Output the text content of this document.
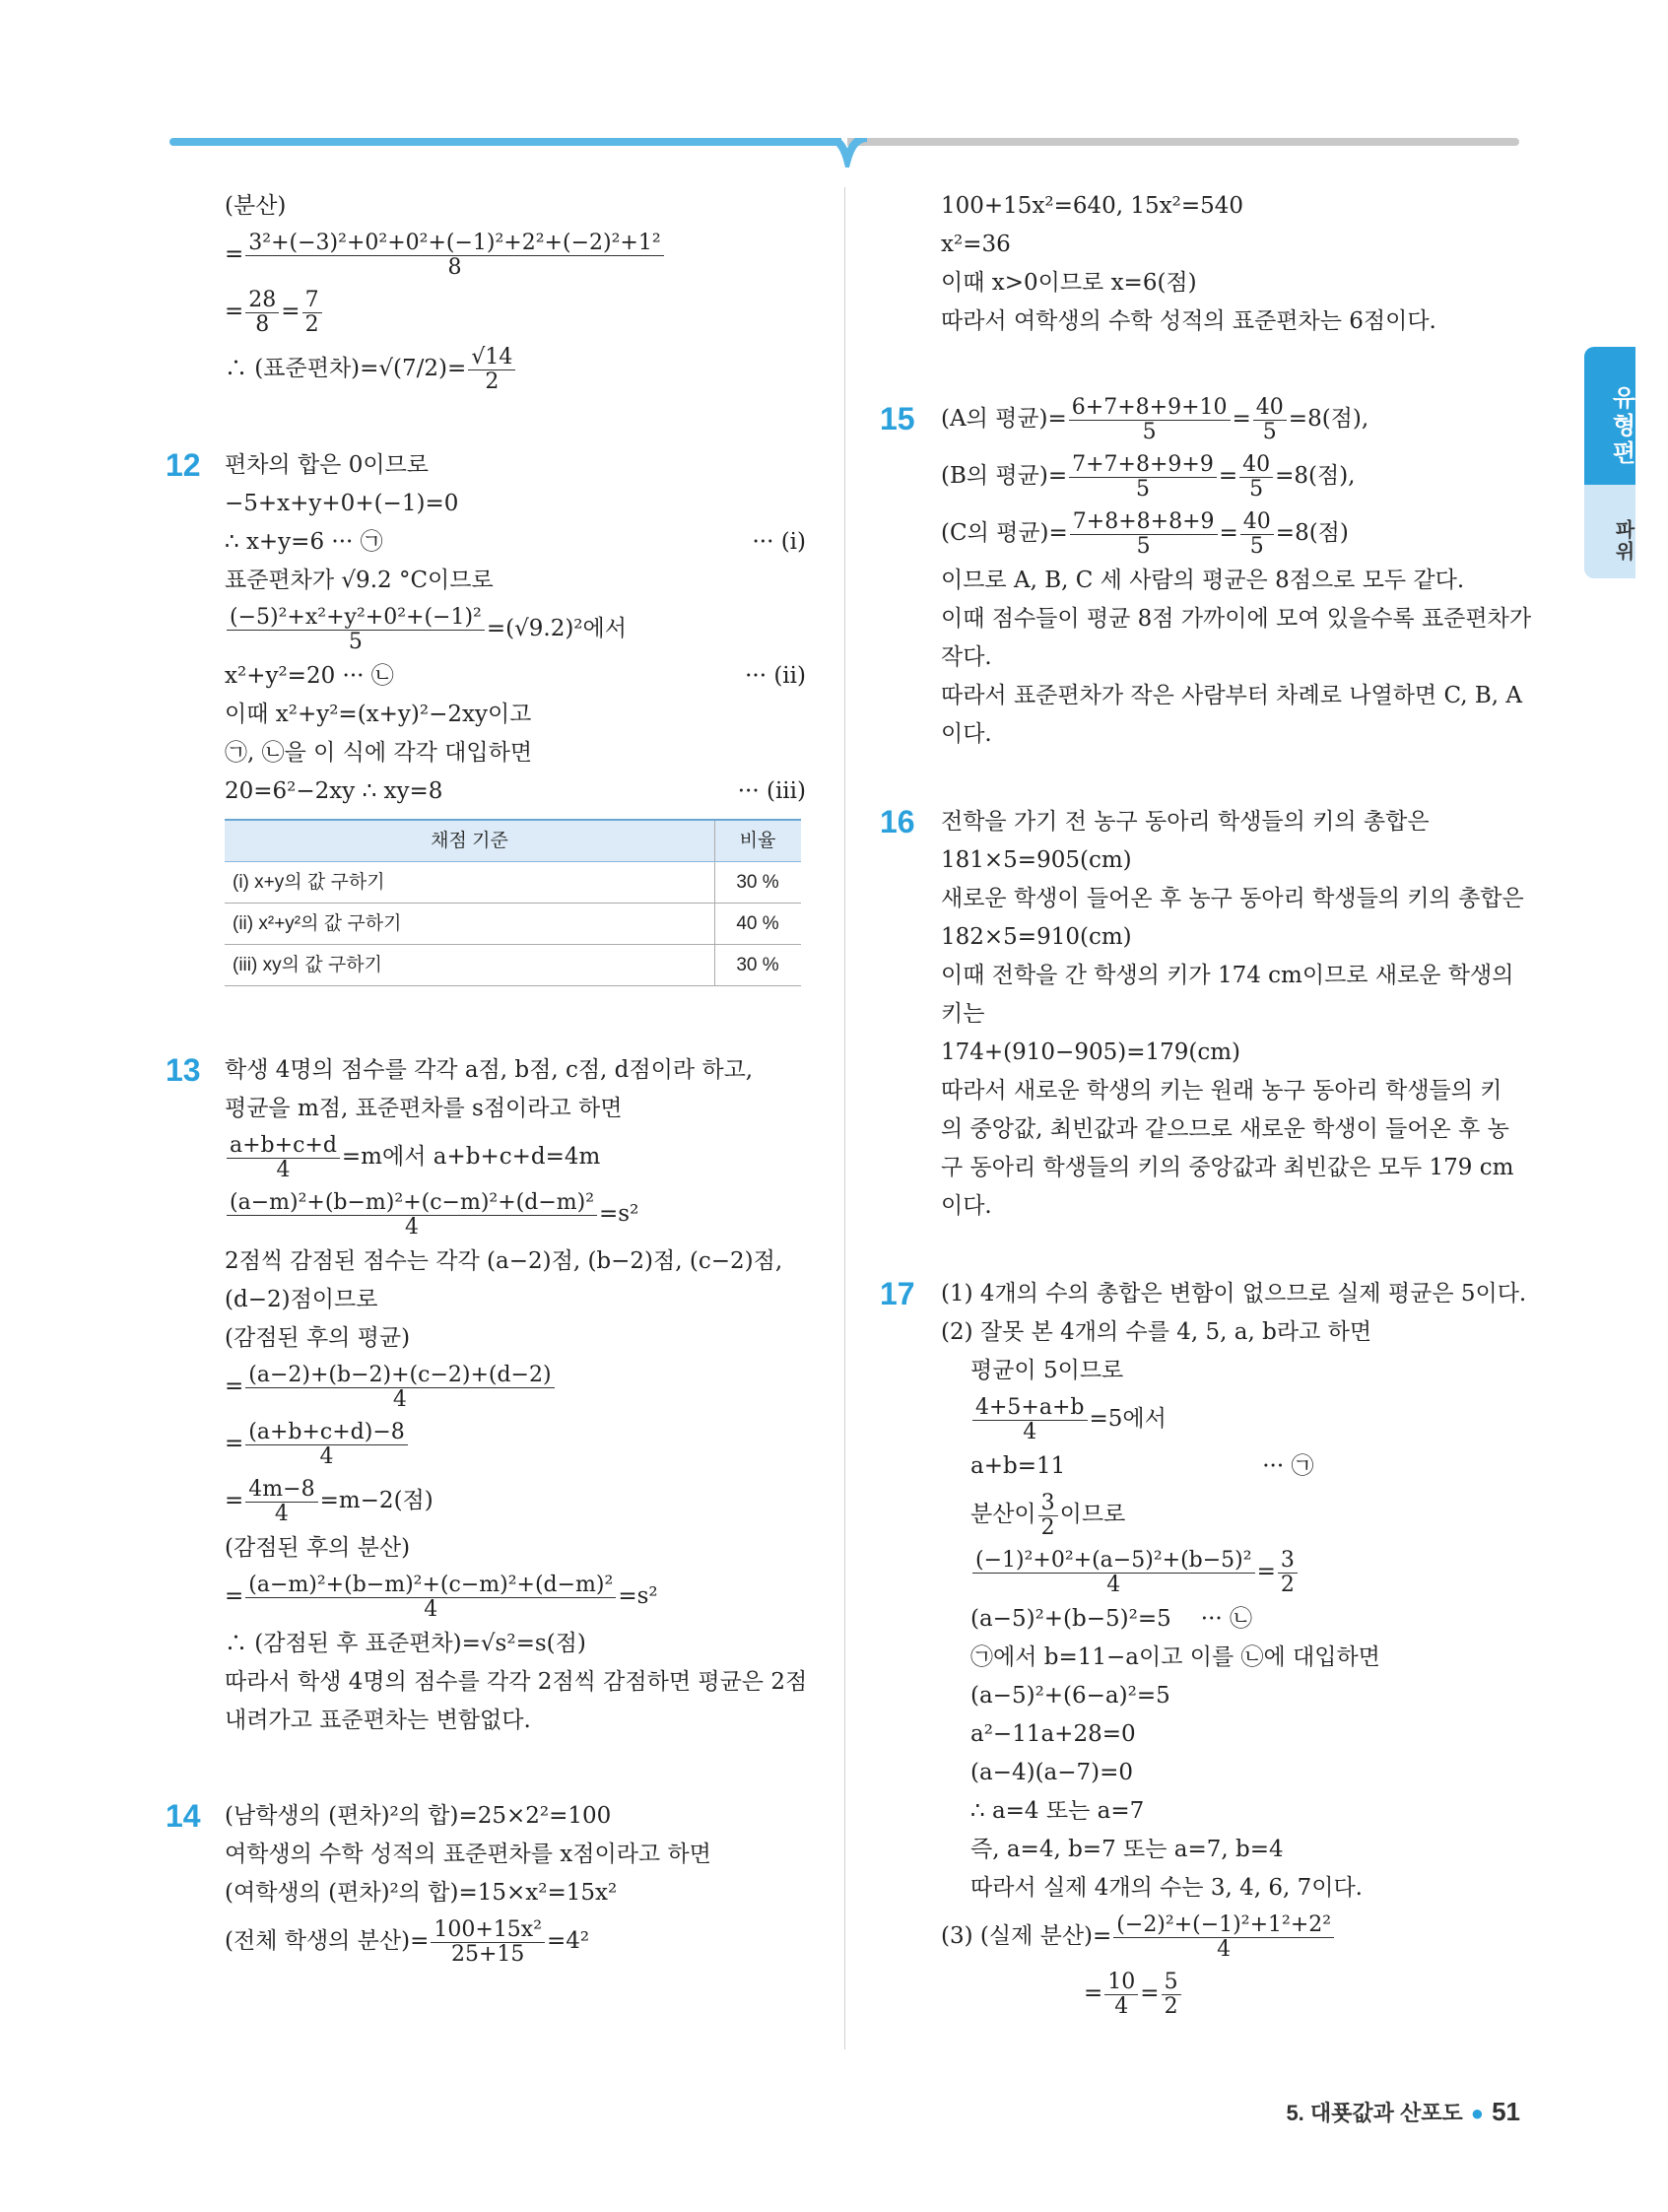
유형편
파위
(분산)
= $\frac{\text{3²+(−3)²+0²+0²+(−1)²+2²+(−2)²+1²}}{8}$
= $\frac{28}{8} = \frac{7}{2}$
∴ (표준편차)$=√(7/2)= \frac{√14}{2}$
12 편차의 합은 0이므로
−5+x+y+0+(−1)=0
∴ x+y=6 ··· ㉠	··· (i)
표준편차가 √9.2 °C이므로
$\frac{\text{(−5)²+x²+y²+0²+(−1)²}}{5} =(√9.2)^2$에서
x²+y²=20 ··· ㉡	··· (ii)
이때 x²+y²=(x+y)²−2xy이고
㉠, ㉡을 이 식에 각각 대입하면
20=6²−2xy ∴ xy=8	··· (iii)
채점 기준	비율
(i) x+y의 값 구하기	30 %
(ii) x²+y²의 값 구하기	40 %
(iii) xy의 값 구하기	30 %
13 학생 4명의 점수를 각각 a점, b점, c점, d점이라 하고,
평균을 m점, 표준편차를 s점이라고 하면
$\frac{a+b+c+d}{4} =m$에서 a+b+c+d=4m
$\frac{\text{(a−m)²+(b−m)²+(c−m)²+(d−m)²}}{4} =s^2$
2점씩 감점된 점수는 각각 (a−2)점, (b−2)점, (c−2)점,
(d−2)점이므로
(감점된 후의 평균)
= $\frac{(a-2)+(b-2)+(c-2)+(d-2)}{4}$
= $\frac{(a+b+c+d)-8}{4}$
= $\frac{4m-8}{4} =m-2$(점)
(감점된 후의 분산)
= $\frac{\text{(a−m)²+(b−m)²+(c−m)²+(d−m)²}}{4} =s^2$
∴ (감점된 후 표준편차)=√s²=s(점)
따라서 학생 4명의 점수를 각각 2점씩 감점하면 평균은 2점
내려가고 표준편차는 변함없다.
14 (남학생의 (편차)²의 합)=25×2²=100
여학생의 수학 성적의 표준편차를 x점이라고 하면
(여학생의 (편차)²의 합)=15×x²=15x²
(전체 학생의 분산)= $\frac{\text{100+15x²}}{25+15} =4^2$
100+15x²=640, 15x²=540
x²=36
이때 x>0이므로 x=6(점)
따라서 여학생의 수학 성적의 표준편차는 6점이다.
15 (A의 평균)= $\frac{6+7+8+9+10}{5} = \frac{40}{5} =8$(점),
(B의 평균)= $\frac{7+7+8+9+9}{5} = \frac{40}{5} =8$(점),
(C의 평균)= $\frac{7+8+8+8+9}{5} = \frac{40}{5} =8$(점)
이므로 A, B, C 세 사람의 평균은 8점으로 모두 같다.
이때 점수들이 평균 8점 가까이에 모여 있을수록 표준편차가
작다.
따라서 표준편차가 작은 사람부터 차례로 나열하면 C, B, A
이다.
16 전학을 가기 전 농구 동아리 학생들의 키의 총합은
181×5=905(cm)
새로운 학생이 들어온 후 농구 동아리 학생들의 키의 총합은
182×5=910(cm)
이때 전학을 간 학생의 키가 174 cm이므로 새로운 학생의
키는
174+(910−905)=179(cm)
따라서 새로운 학생의 키는 원래 농구 동아리 학생들의 키
의 중앙값, 최빈값과 같으므로 새로운 학생이 들어온 후 농
구 동아리 학생들의 키의 중앙값과 최빈값은 모두 179 cm
이다.
17 (1) 4개의 수의 총합은 변함이 없으므로 실제 평균은 5이다.
(2) 잘못 본 4개의 수를 4, 5, a, b라고 하면
평균이 5이므로
$\frac{4+5+a+b}{4} =5$에서
a+b=11	··· ㉠
분산이 $\frac{3}{2}$ 이므로
$\frac{\text{(−1)²+0²+(a−5)²+(b−5)²}}{4} = \frac{3}{2}$
(a−5)²+(b−5)²=5 ··· ㉡
㉠에서 b=11−a이고 이를 ㉡에 대입하면
(a−5)²+(6−a)²=5
a²−11a+28=0
(a−4)(a−7)=0
∴ a=4 또는 a=7
즉, a=4, b=7 또는 a=7, b=4
따라서 실제 4개의 수는 3, 4, 6, 7이다.
(3) (실제 분산)= $\frac{\text{(−2)²+(−1)²+1²+2²}}{4}$
= $\frac{10}{4} = \frac{5}{2}$
5. 대푯값과 산포도 ● 51
